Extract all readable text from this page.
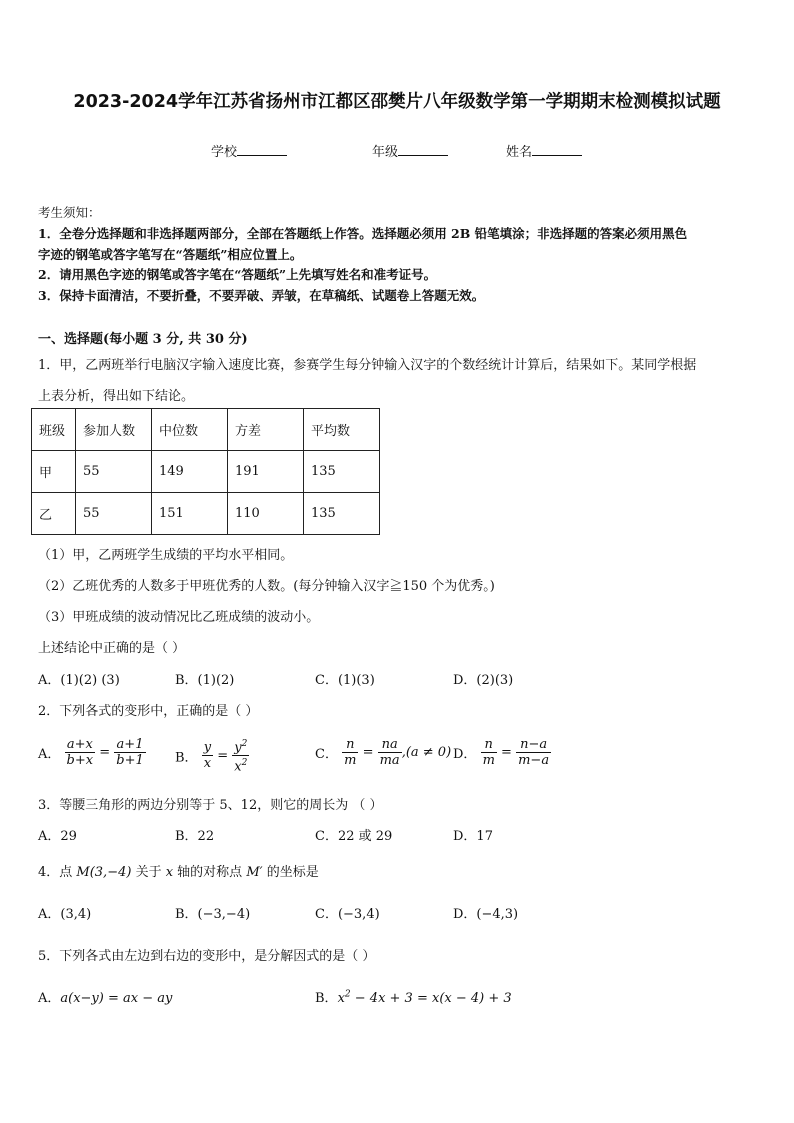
2023-2024学年江苏省扬州市江都区邵樊片八年级数学第一学期期末检测模拟试题
学校	年级	姓名
考生须知：
1．全卷分选择题和非选择题两部分，全部在答题纸上作答。选择题必须用 2B 铅笔填涂；非选择题的答案必须用黑色
字迹的钢笔或答字笔写在“答题纸”相应位置上。
2．请用黑色字迹的钢笔或答字笔在“答题纸”上先填写姓名和准考证号。
3．保持卡面清洁，不要折叠，不要弄破、弄皱，在草稿纸、试题卷上答题无效。
一、选择题(每小题 3 分, 共 30 分)
1．甲，乙两班举行电脑汉字输入速度比赛，参赛学生每分钟输入汉字的个数经统计计算后，结果如下。某同学根据
上表分析，得出如下结论。
班级	参加人数	中位数	方差	平均数
甲	55	149	191	135
乙	55	151	110	135
（1）甲，乙两班学生成绩的平均水平相同。
（2）乙班优秀的人数多于甲班优秀的人数。(每分钟输入汉字≧150 个为优秀。)
（3）甲班成绩的波动情况比乙班成绩的波动小。
上述结论中正确的是（ ）
A．(1)(2) (3)	B．(1)(2)	C．(1)(3)	D．(2)(3)
2．下列各式的变形中，正确的是（ ）
A． $\frac{a+x}{b+x} = \frac{a+1}{b+1}$ B． $\frac{y}{x} = \frac{y^2}{x^2}$	C． $\frac{n}{m} = \frac{na}{ma} ,(a \ne 0)$ D． $\frac{n}{m} = \frac{n-a}{m-a}$
3．等腰三角形的两边分别等于 5、12，则它的周长为 （ ）
A．29	B．22	C．22 或 29	D．17
4．点 M(3,−4) 关于 x 轴的对称点 M′ 的坐标是
A．(3,4)	B．(−3,−4)	C．(−3,4)	D．(−4,3)
5．下列各式由左边到右边的变形中，是分解因式的是（ ）
A．a(x−y) = ax − ay	B．$x^2 - 4x + 3 = x(x - 4) + 3$
